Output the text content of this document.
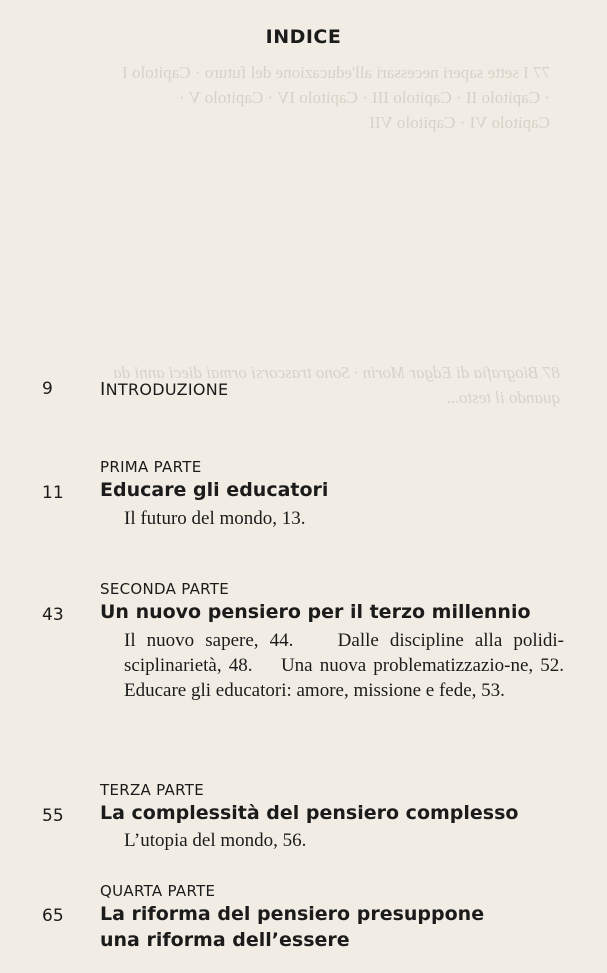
77 I sette saperi necessari all'educazione del futuro · Capitolo I · Capitolo II · Capitolo III · Capitolo IV · Capitolo V · Capitolo VI · Capitolo VII
87 Biografia di Edgar Morin · Sono trascorsi ormai dieci anni da quando il testo...
INDICE
9	INTRODUZIONE
PRIMA PARTE
11 Educare gli educatori
Il futuro del mondo, 13.
SECONDA PARTE
43 Un nuovo pensiero per il terzo millennio
Il nuovo sapere, 44.    Dalle discipline alla polidi-sciplinarietà, 48.    Una nuova problematizzazio-ne, 52.    Educare gli educatori: amore, missione e fede, 53.
TERZA PARTE
55 La complessità del pensiero complesso
L’utopia del mondo, 56.
QUARTA PARTE
65 La riforma del pensiero presuppone
una riforma dell’essere
